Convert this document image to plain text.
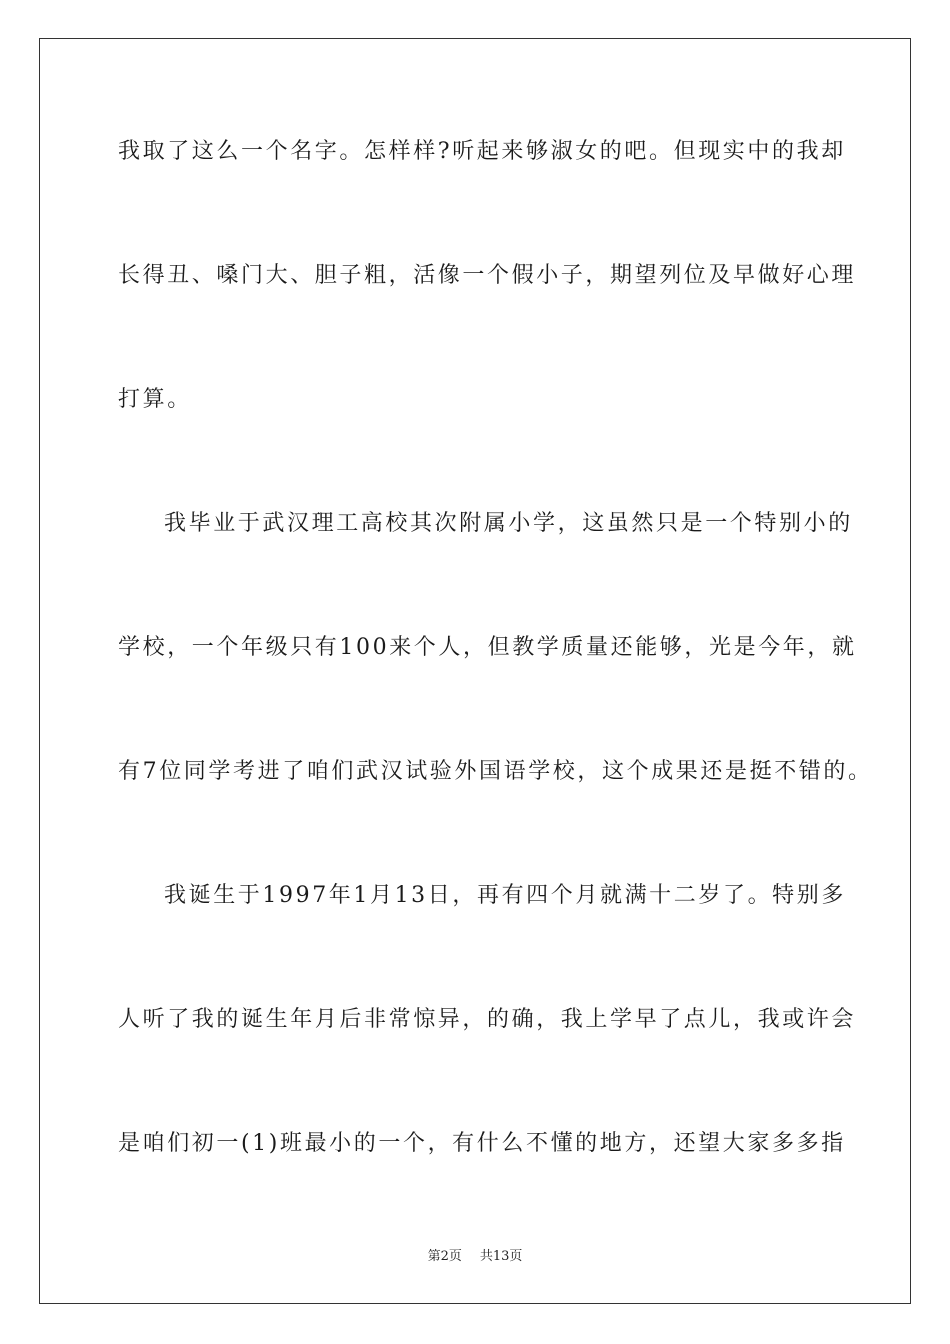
我取了这么一个名字。怎样样?听起来够淑女的吧。但现实中的我却
长得丑、嗓门大、胆子粗，活像一个假小子，期望列位及早做好心理
打算。
我毕业于武汉理工高校其次附属小学，这虽然只是一个特别小的
学校，一个年级只有100来个人，但教学质量还能够，光是今年，就
有7位同学考进了咱们武汉试验外国语学校，这个成果还是挺不错的。
我诞生于1997年1月13日，再有四个月就满十二岁了。特别多
人听了我的诞生年月后非常惊异，的确，我上学早了点儿，我或许会
是咱们初一(1)班最小的一个，有什么不懂的地方，还望大家多多指
第2页 共13页
